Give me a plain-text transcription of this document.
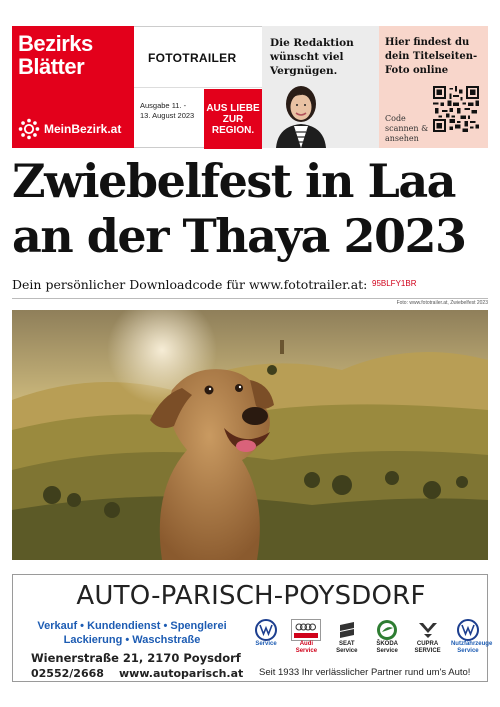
Bezirks
Blätter
MeinBezirk.at
FOTOTRAILER
Ausgabe 11. - 13. August 2023
AUS LIEBE ZUR REGION.
Die Redaktion wünscht viel Vergnügen.
Hier findest du dein Titelseiten-Foto online
Code scannen & ansehen
Zwiebelfest in Laa
an der Thaya 2023
Dein persönlicher Downloadcode für www.fototrailer.at: 95BLFY1BR
Foto: www.fototrailer.at, Zwiebelfest 2023
AUTO-PARISCH-POYSDORF
Verkauf • Kundendienst • Spenglerei
Lackierung • Waschstraße
Wienerstraße 21, 2170 Poysdorf
02552/2668 www.autoparisch.at
Service	Audi Service
SEAT Service
ŠKODA Service
CUPRA SERVICE
Nutzfahrzeuge Service
Seit 1933 Ihr verlässlicher Partner rund um's Auto!
